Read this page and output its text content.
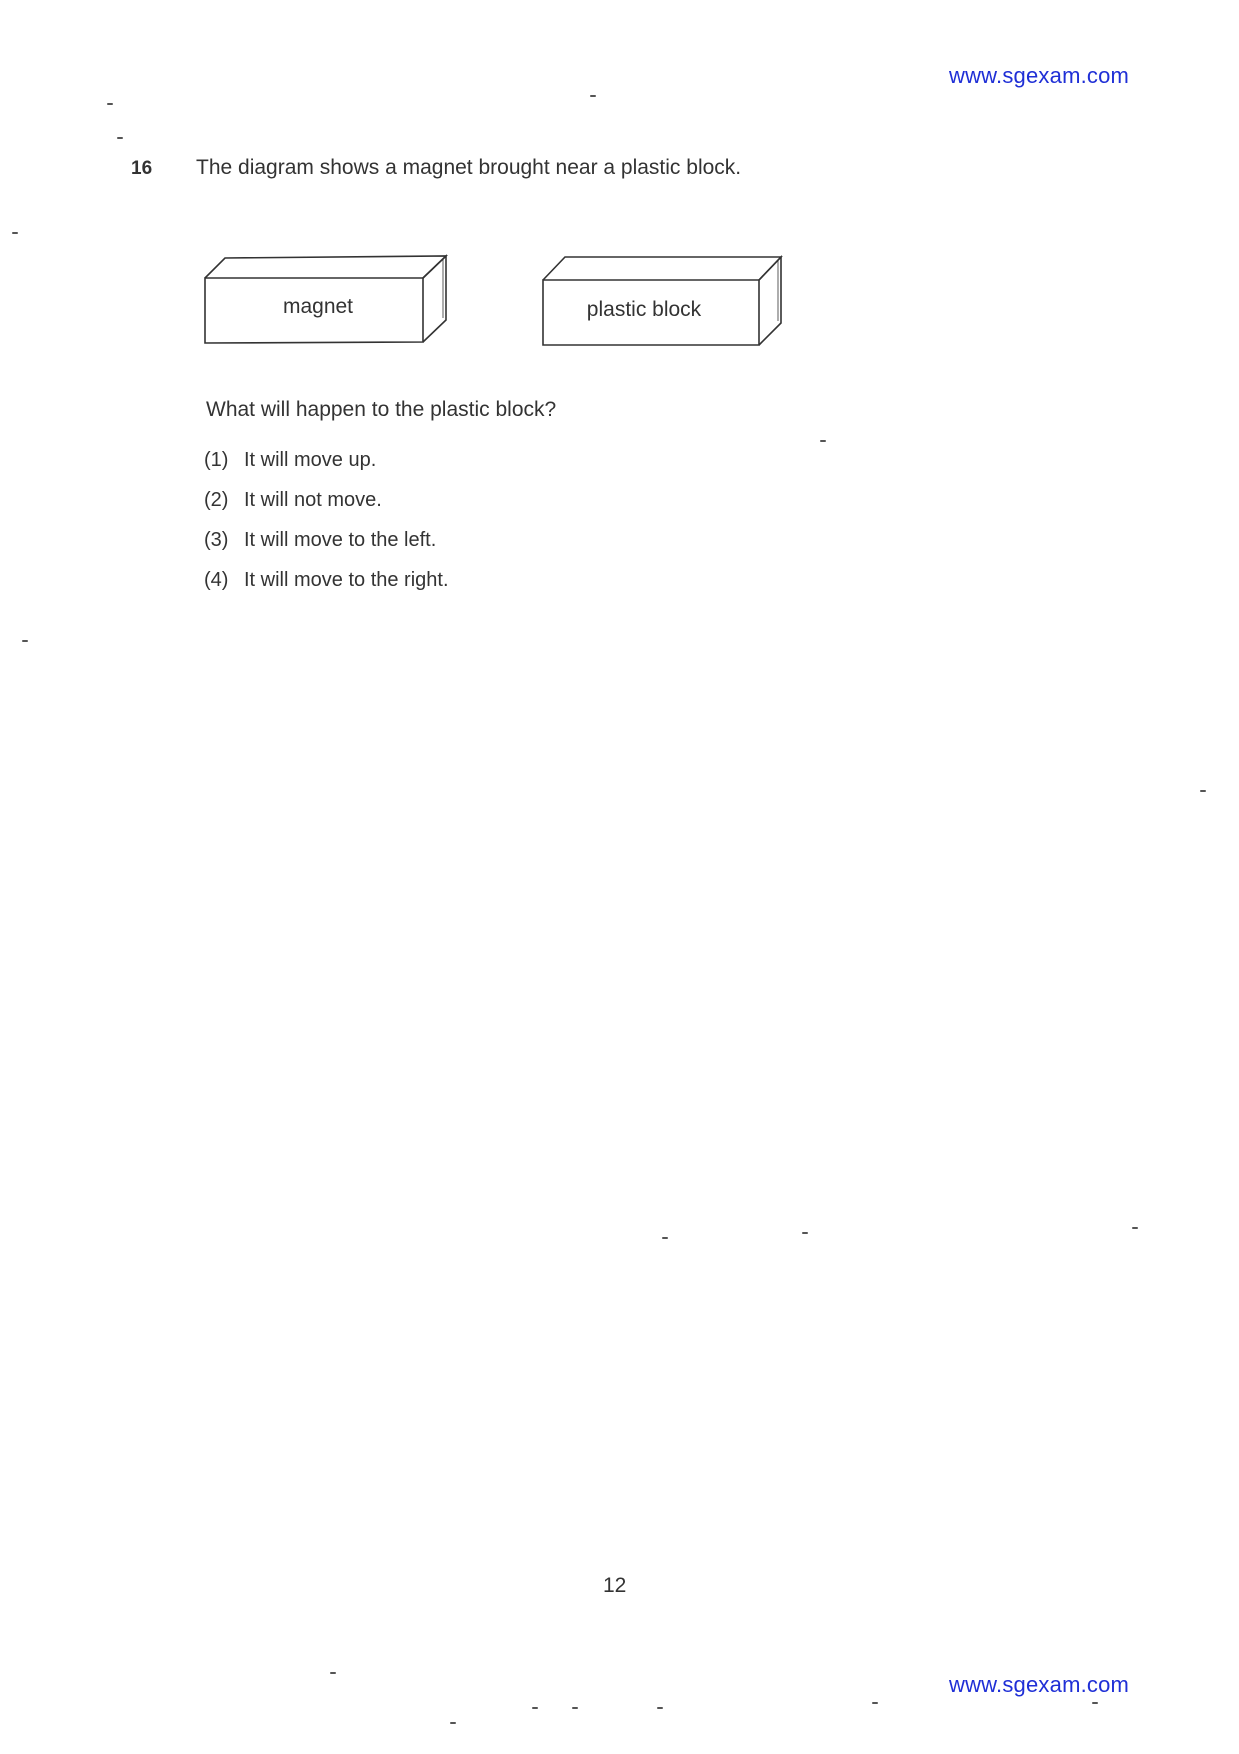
www.sgexam.com
16 The diagram shows a magnet brought near a plastic block.
magnet	plastic block
What will happen to the plastic block?
(1) It will move up.
(2) It will not move.
(3) It will move to the left.
(4) It will move to the right.
12
www.sgexam.com
